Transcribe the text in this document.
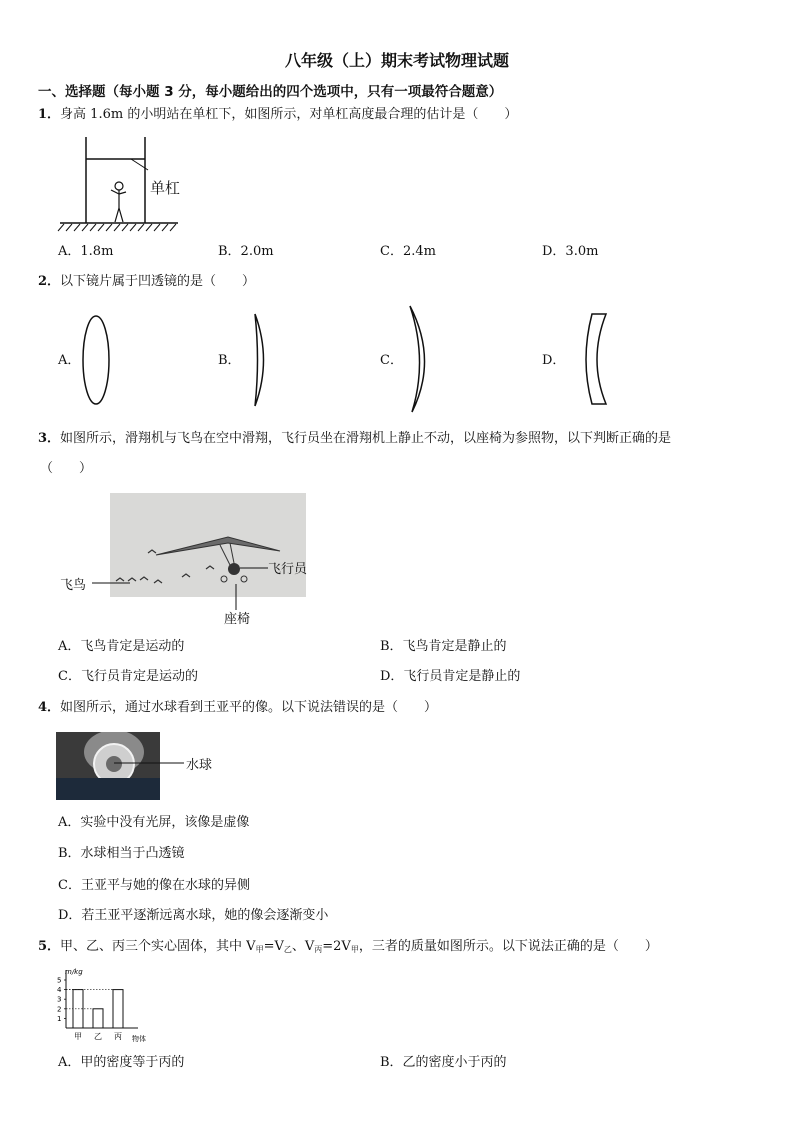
八年级（上）期末考试物理试题
一、选择题（每小题 3 分，每小题给出的四个选项中，只有一项最符合题意）
1．身高 1.6m 的小明站在单杠下，如图所示，对单杠高度最合理的估计是（　　）
单杠
A．1.8m	B．2.0m	C．2.4m	D．3.0m
2．以下镜片属于凹透镜的是（　　）
A．	B．	C．	D．
3．如图所示，滑翔机与飞鸟在空中滑翔，飞行员坐在滑翔机上静止不动，以座椅为参照物，以下判断正确的是
（　　）
飞鸟
飞行员
座椅
A．飞鸟肯定是运动的	B．飞鸟肯定是静止的
C．飞行员肯定是运动的	D．飞行员肯定是静止的
4．如图所示，通过水球看到王亚平的像。以下说法错误的是（　　）
水球
A．实验中没有光屏，该像是虚像
B．水球相当于凸透镜
C．王亚平与她的像在水球的异侧
D．若王亚平逐渐远离水球，她的像会逐渐变小
5．甲、乙、丙三个实心固体，其中 $V_甲=V_乙$、$V_丙=2V_甲$，三者的质量如图所示。以下说法正确的是（　　）
m/kg
物体
1
2
3
4
5
甲 乙 丙
A．甲的密度等于丙的	B．乙的密度小于丙的
